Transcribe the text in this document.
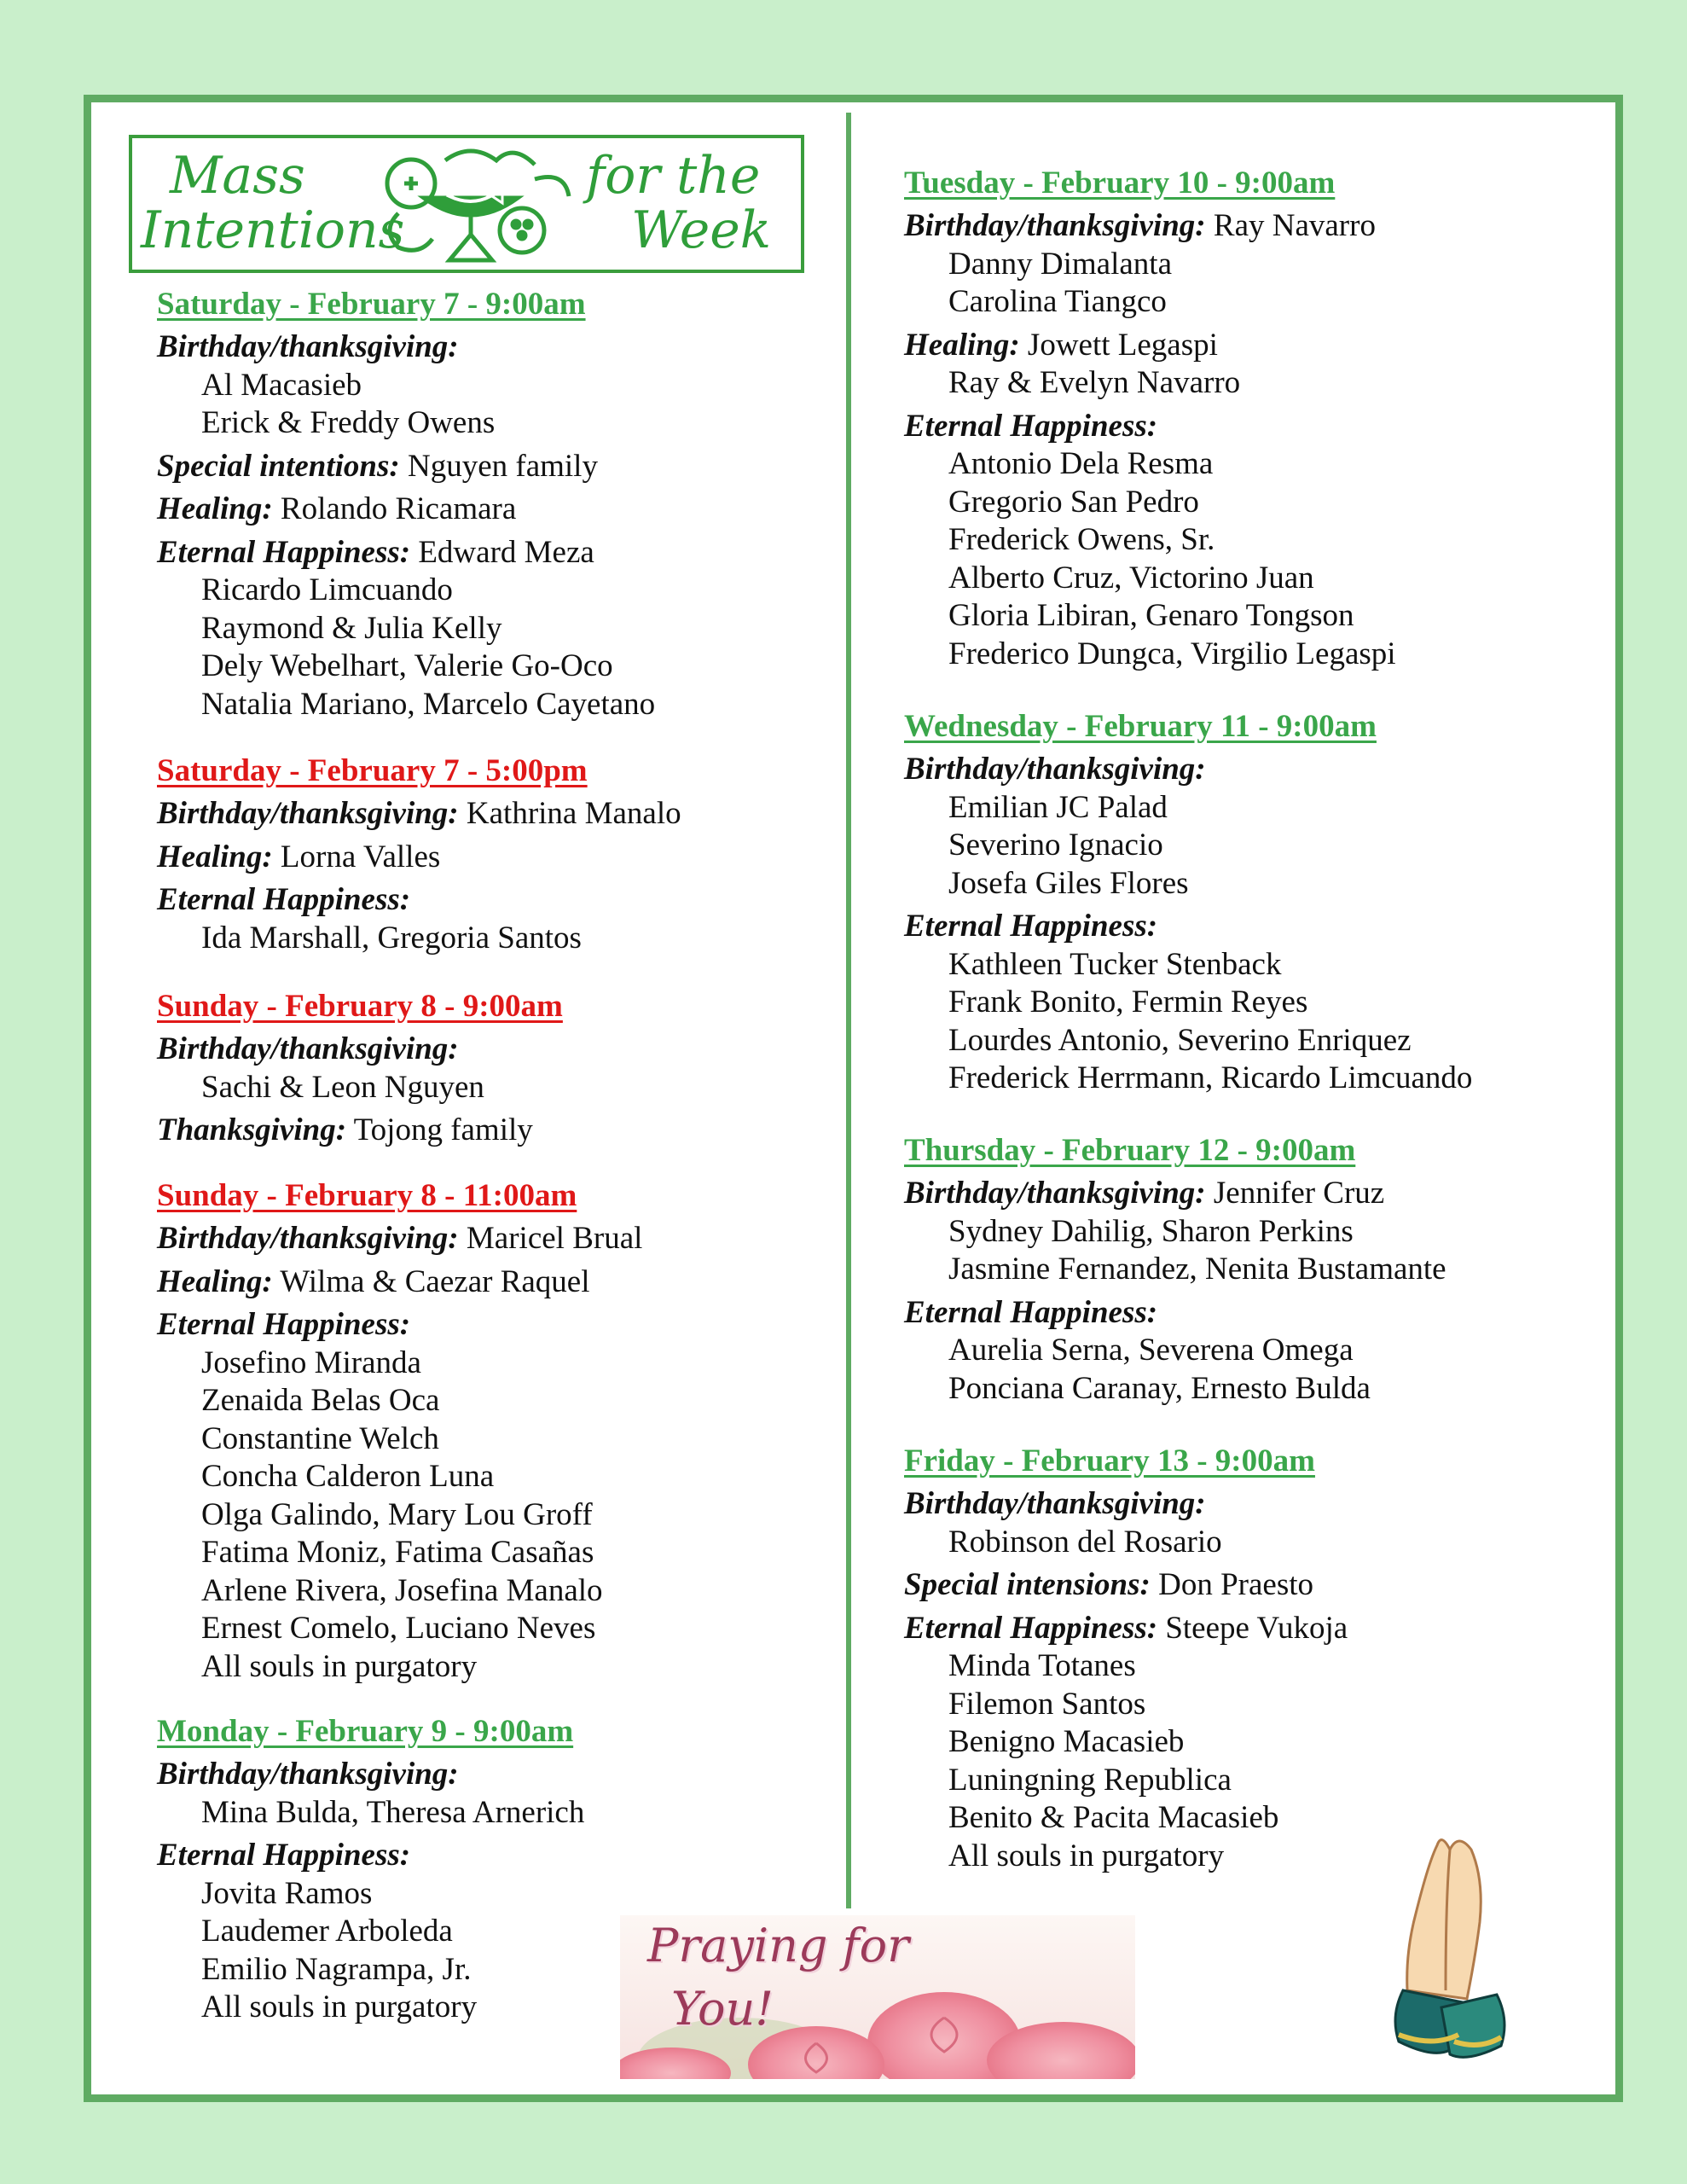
Mass
Intentions
for the
Week
Saturday - February 7 - 9:00am
Birthday/thanksgiving:
Al Macasieb
Erick & Freddy Owens
Special intentions: Nguyen family
Healing: Rolando Ricamara
Eternal Happiness: Edward Meza
Ricardo Limcuando
Raymond & Julia Kelly
Dely Webelhart, Valerie Go-Oco
Natalia Mariano, Marcelo Cayetano
Saturday - February 7 - 5:00pm
Birthday/thanksgiving: Kathrina Manalo
Healing: Lorna Valles
Eternal Happiness:
Ida Marshall, Gregoria Santos
Sunday - February 8 - 9:00am
Birthday/thanksgiving:
Sachi & Leon Nguyen
Thanksgiving: Tojong family
Sunday - February 8 - 11:00am
Birthday/thanksgiving: Maricel Brual
Healing: Wilma & Caezar Raquel
Eternal Happiness:
Josefino Miranda
Zenaida Belas Oca
Constantine Welch
Concha Calderon Luna
Olga Galindo, Mary Lou Groff
Fatima Moniz, Fatima Casañas
Arlene Rivera, Josefina Manalo
Ernest Comelo, Luciano Neves
All souls in purgatory
Monday - February 9 - 9:00am
Birthday/thanksgiving:
Mina Bulda, Theresa Arnerich
Eternal Happiness:
Jovita Ramos
Laudemer Arboleda
Emilio Nagrampa, Jr.
All souls in purgatory
Tuesday - February 10 - 9:00am
Birthday/thanksgiving: Ray Navarro
Danny Dimalanta
Carolina Tiangco
Healing: Jowett Legaspi
Ray & Evelyn Navarro
Eternal Happiness:
Antonio Dela Resma
Gregorio San Pedro
Frederick Owens, Sr.
Alberto Cruz, Victorino Juan
Gloria Libiran, Genaro Tongson
Frederico Dungca, Virgilio Legaspi
Wednesday - February 11 - 9:00am
Birthday/thanksgiving:
Emilian JC Palad
Severino Ignacio
Josefa Giles Flores
Eternal Happiness:
Kathleen Tucker Stenback
Frank Bonito, Fermin Reyes
Lourdes Antonio, Severino Enriquez
Frederick Herrmann, Ricardo Limcuando
Thursday - February 12 - 9:00am
Birthday/thanksgiving: Jennifer Cruz
Sydney Dahilig, Sharon Perkins
Jasmine Fernandez, Nenita Bustamante
Eternal Happiness:
Aurelia Serna, Severena Omega
Ponciana Caranay, Ernesto Bulda
Friday - February 13 - 9:00am
Birthday/thanksgiving:
Robinson del Rosario
Special intensions: Don Praesto
Eternal Happiness: Steepe Vukoja
Minda Totanes
Filemon Santos
Benigno Macasieb
Luningning Republica
Benito & Pacita Macasieb
All souls in purgatory
Praying for
You!
